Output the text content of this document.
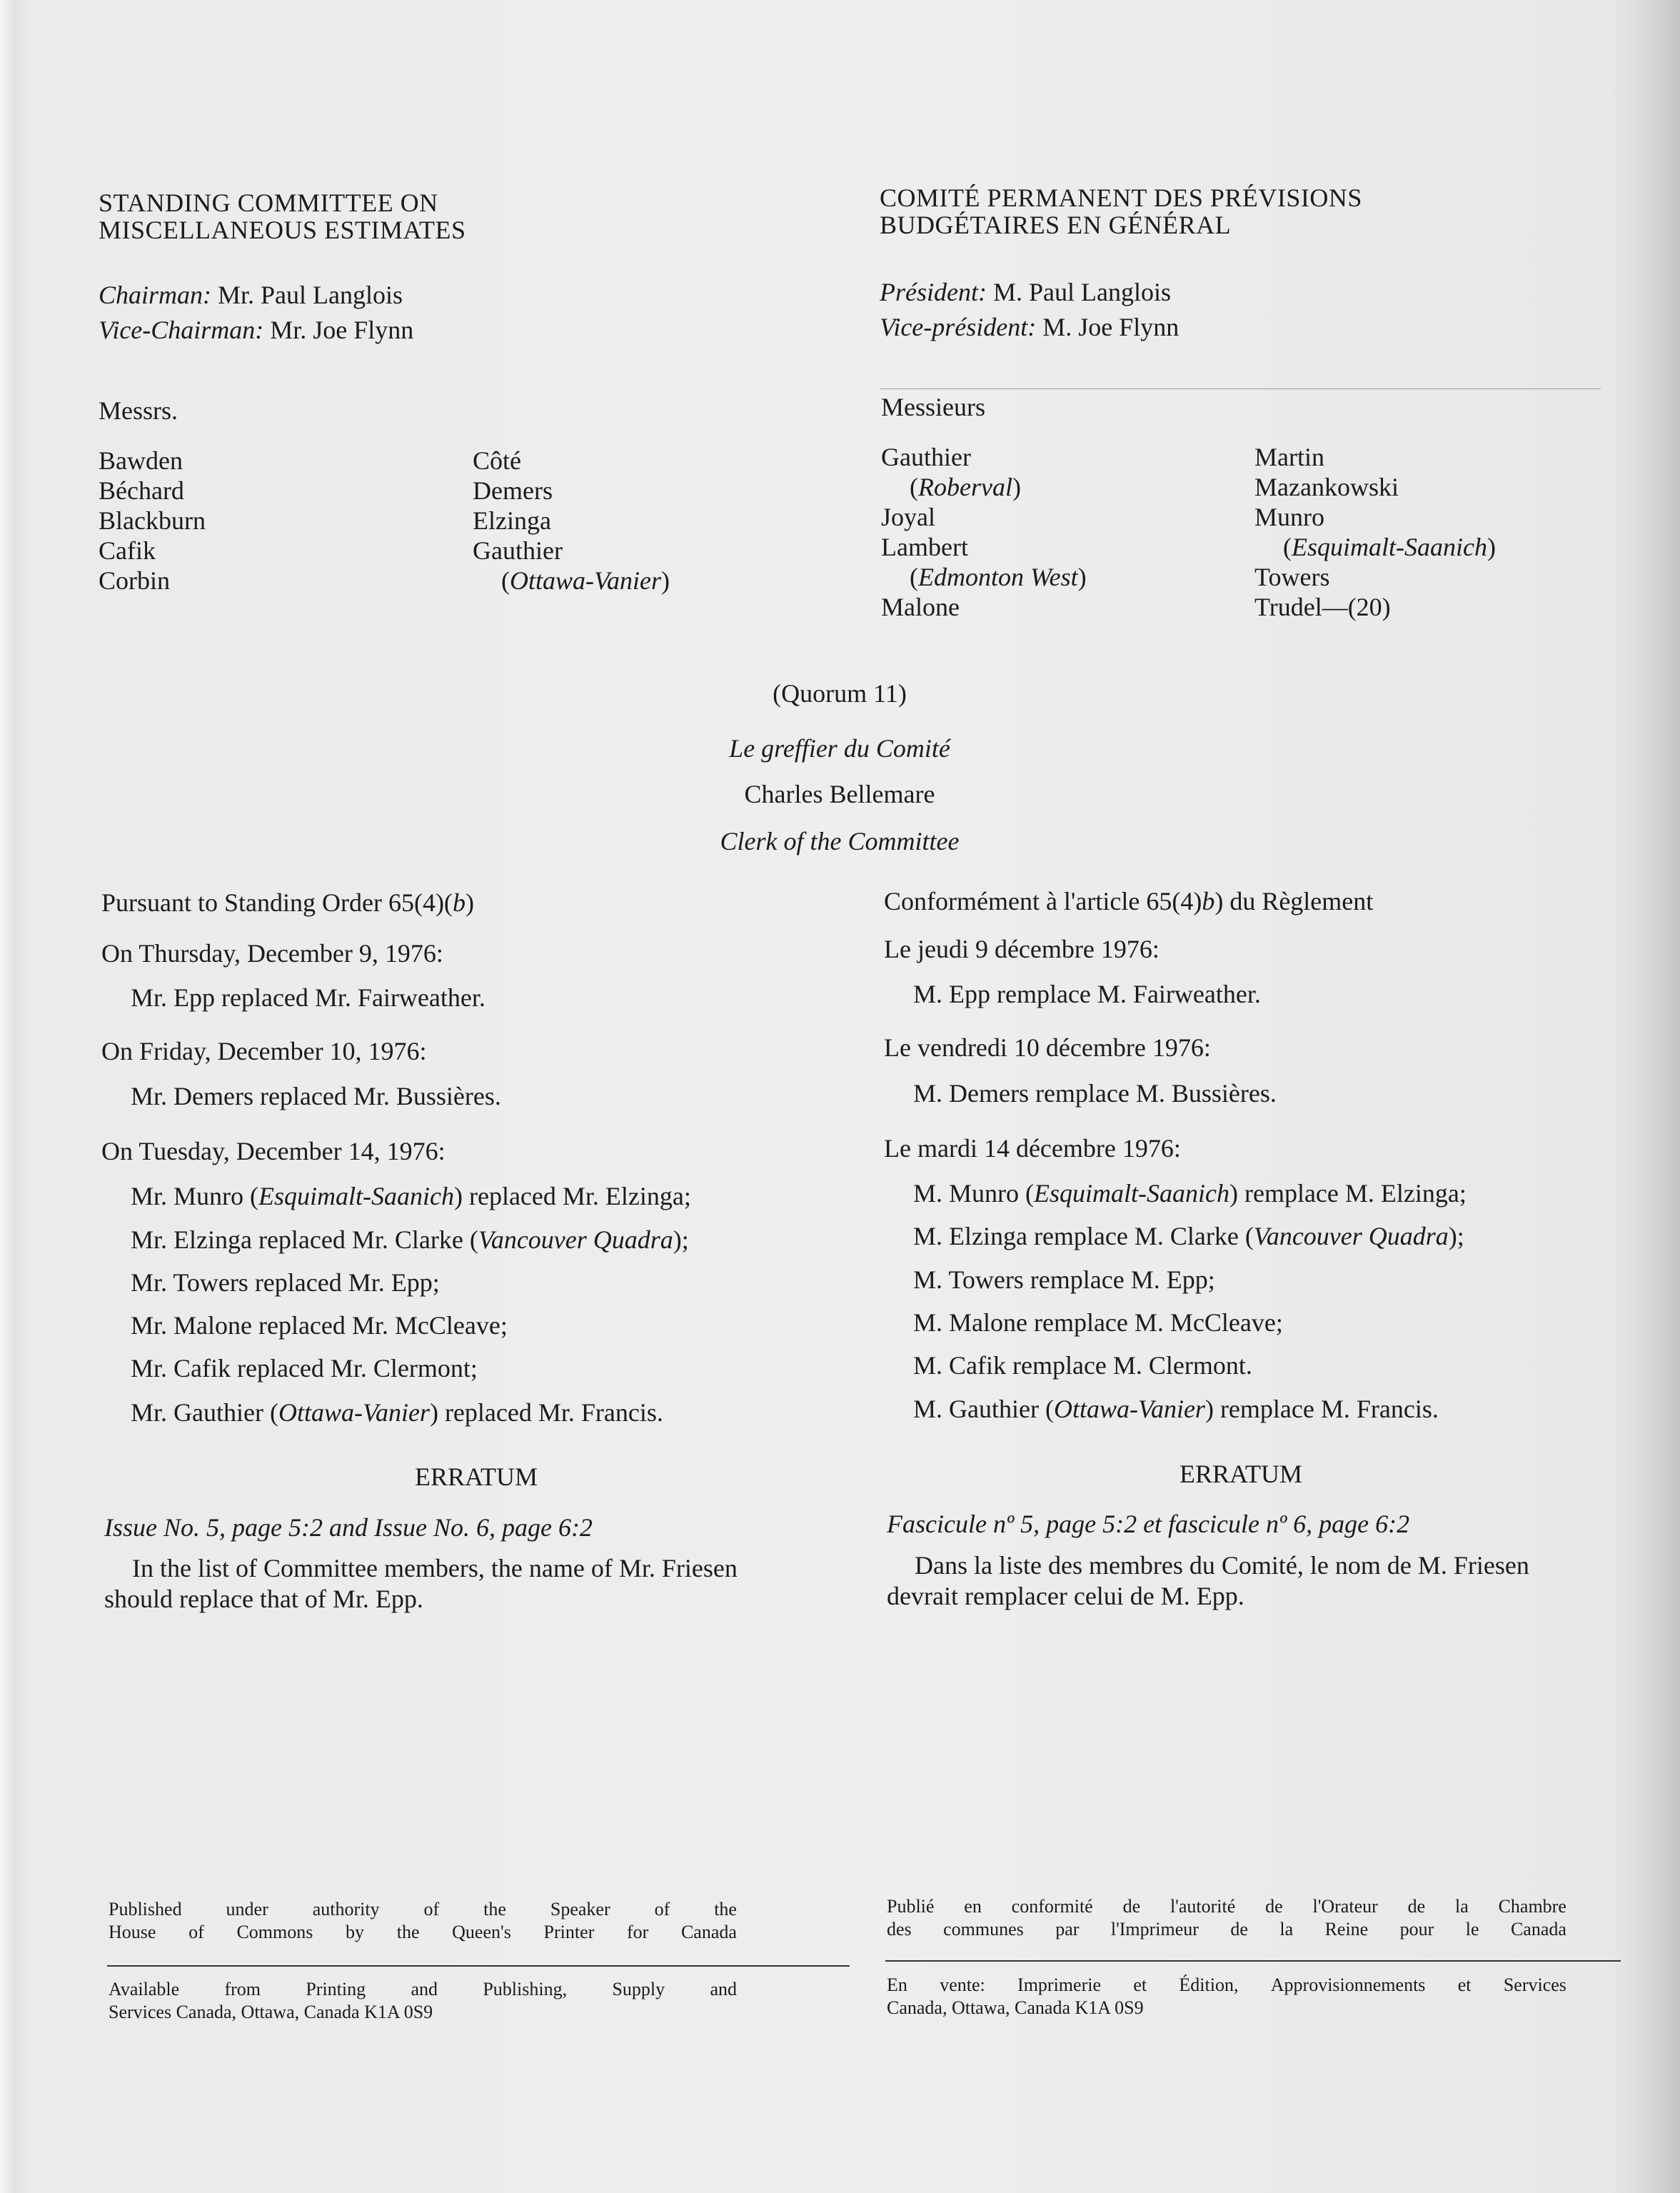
STANDING COMMITTEE ON
MISCELLANEOUS ESTIMATES
Chairman: Mr. Paul Langlois
Vice-Chairman: Mr. Joe Flynn
Messrs.
Bawden
Béchard
Blackburn
Cafik
Corbin
Côté
Demers
Elzinga
Gauthier
(Ottawa-Vanier)
COMITÉ PERMANENT DES PRÉVISIONS
BUDGÉTAIRES EN GÉNÉRAL
Président: M. Paul Langlois
Vice-président: M. Joe Flynn
Messieurs
Gauthier
(Roberval)
Joyal
Lambert
(Edmonton West)
Malone
Martin
Mazankowski
Munro
(Esquimalt-Saanich)
Towers
Trudel—(20)
(Quorum 11)
Le greffier du Comité
Charles Bellemare
Clerk of the Committee
Pursuant to Standing Order 65(4)(b)
On Thursday, December 9, 1976:
Mr. Epp replaced Mr. Fairweather.
On Friday, December 10, 1976:
Mr. Demers replaced Mr. Bussières.
On Tuesday, December 14, 1976:
Mr. Munro (Esquimalt-Saanich) replaced Mr. Elzinga;
Mr. Elzinga replaced Mr. Clarke (Vancouver Quadra);
Mr. Towers replaced Mr. Epp;
Mr. Malone replaced Mr. McCleave;
Mr. Cafik replaced Mr. Clermont;
Mr. Gauthier (Ottawa-Vanier) replaced Mr. Francis.
ERRATUM
Issue No. 5, page 5:2 and Issue No. 6, page 6:2
In the list of Committee members, the name of Mr. Friesen
should replace that of Mr. Epp.
Conformément à l'article 65(4)b) du Règlement
Le jeudi 9 décembre 1976:
M. Epp remplace M. Fairweather.
Le vendredi 10 décembre 1976:
M. Demers remplace M. Bussières.
Le mardi 14 décembre 1976:
M. Munro (Esquimalt-Saanich) remplace M. Elzinga;
M. Elzinga remplace M. Clarke (Vancouver Quadra);
M. Towers remplace M. Epp;
M. Malone remplace M. McCleave;
M. Cafik remplace M. Clermont.
M. Gauthier (Ottawa-Vanier) remplace M. Francis.
ERRATUM
Fascicule nº 5, page 5:2 et fascicule nº 6, page 6:2
Dans la liste des membres du Comité, le nom de M. Friesen
devrait remplacer celui de M. Epp.
Published under authority of the Speaker of the
House of Commons by the Queen's Printer for Canada
Available from Printing and Publishing, Supply and
Services Canada, Ottawa, Canada K1A 0S9
Publié en conformité de l'autorité de l'Orateur de la Chambre
des communes par l'Imprimeur de la Reine pour le Canada
En vente: Imprimerie et Édition, Approvisionnements et Services
Canada, Ottawa, Canada K1A 0S9
